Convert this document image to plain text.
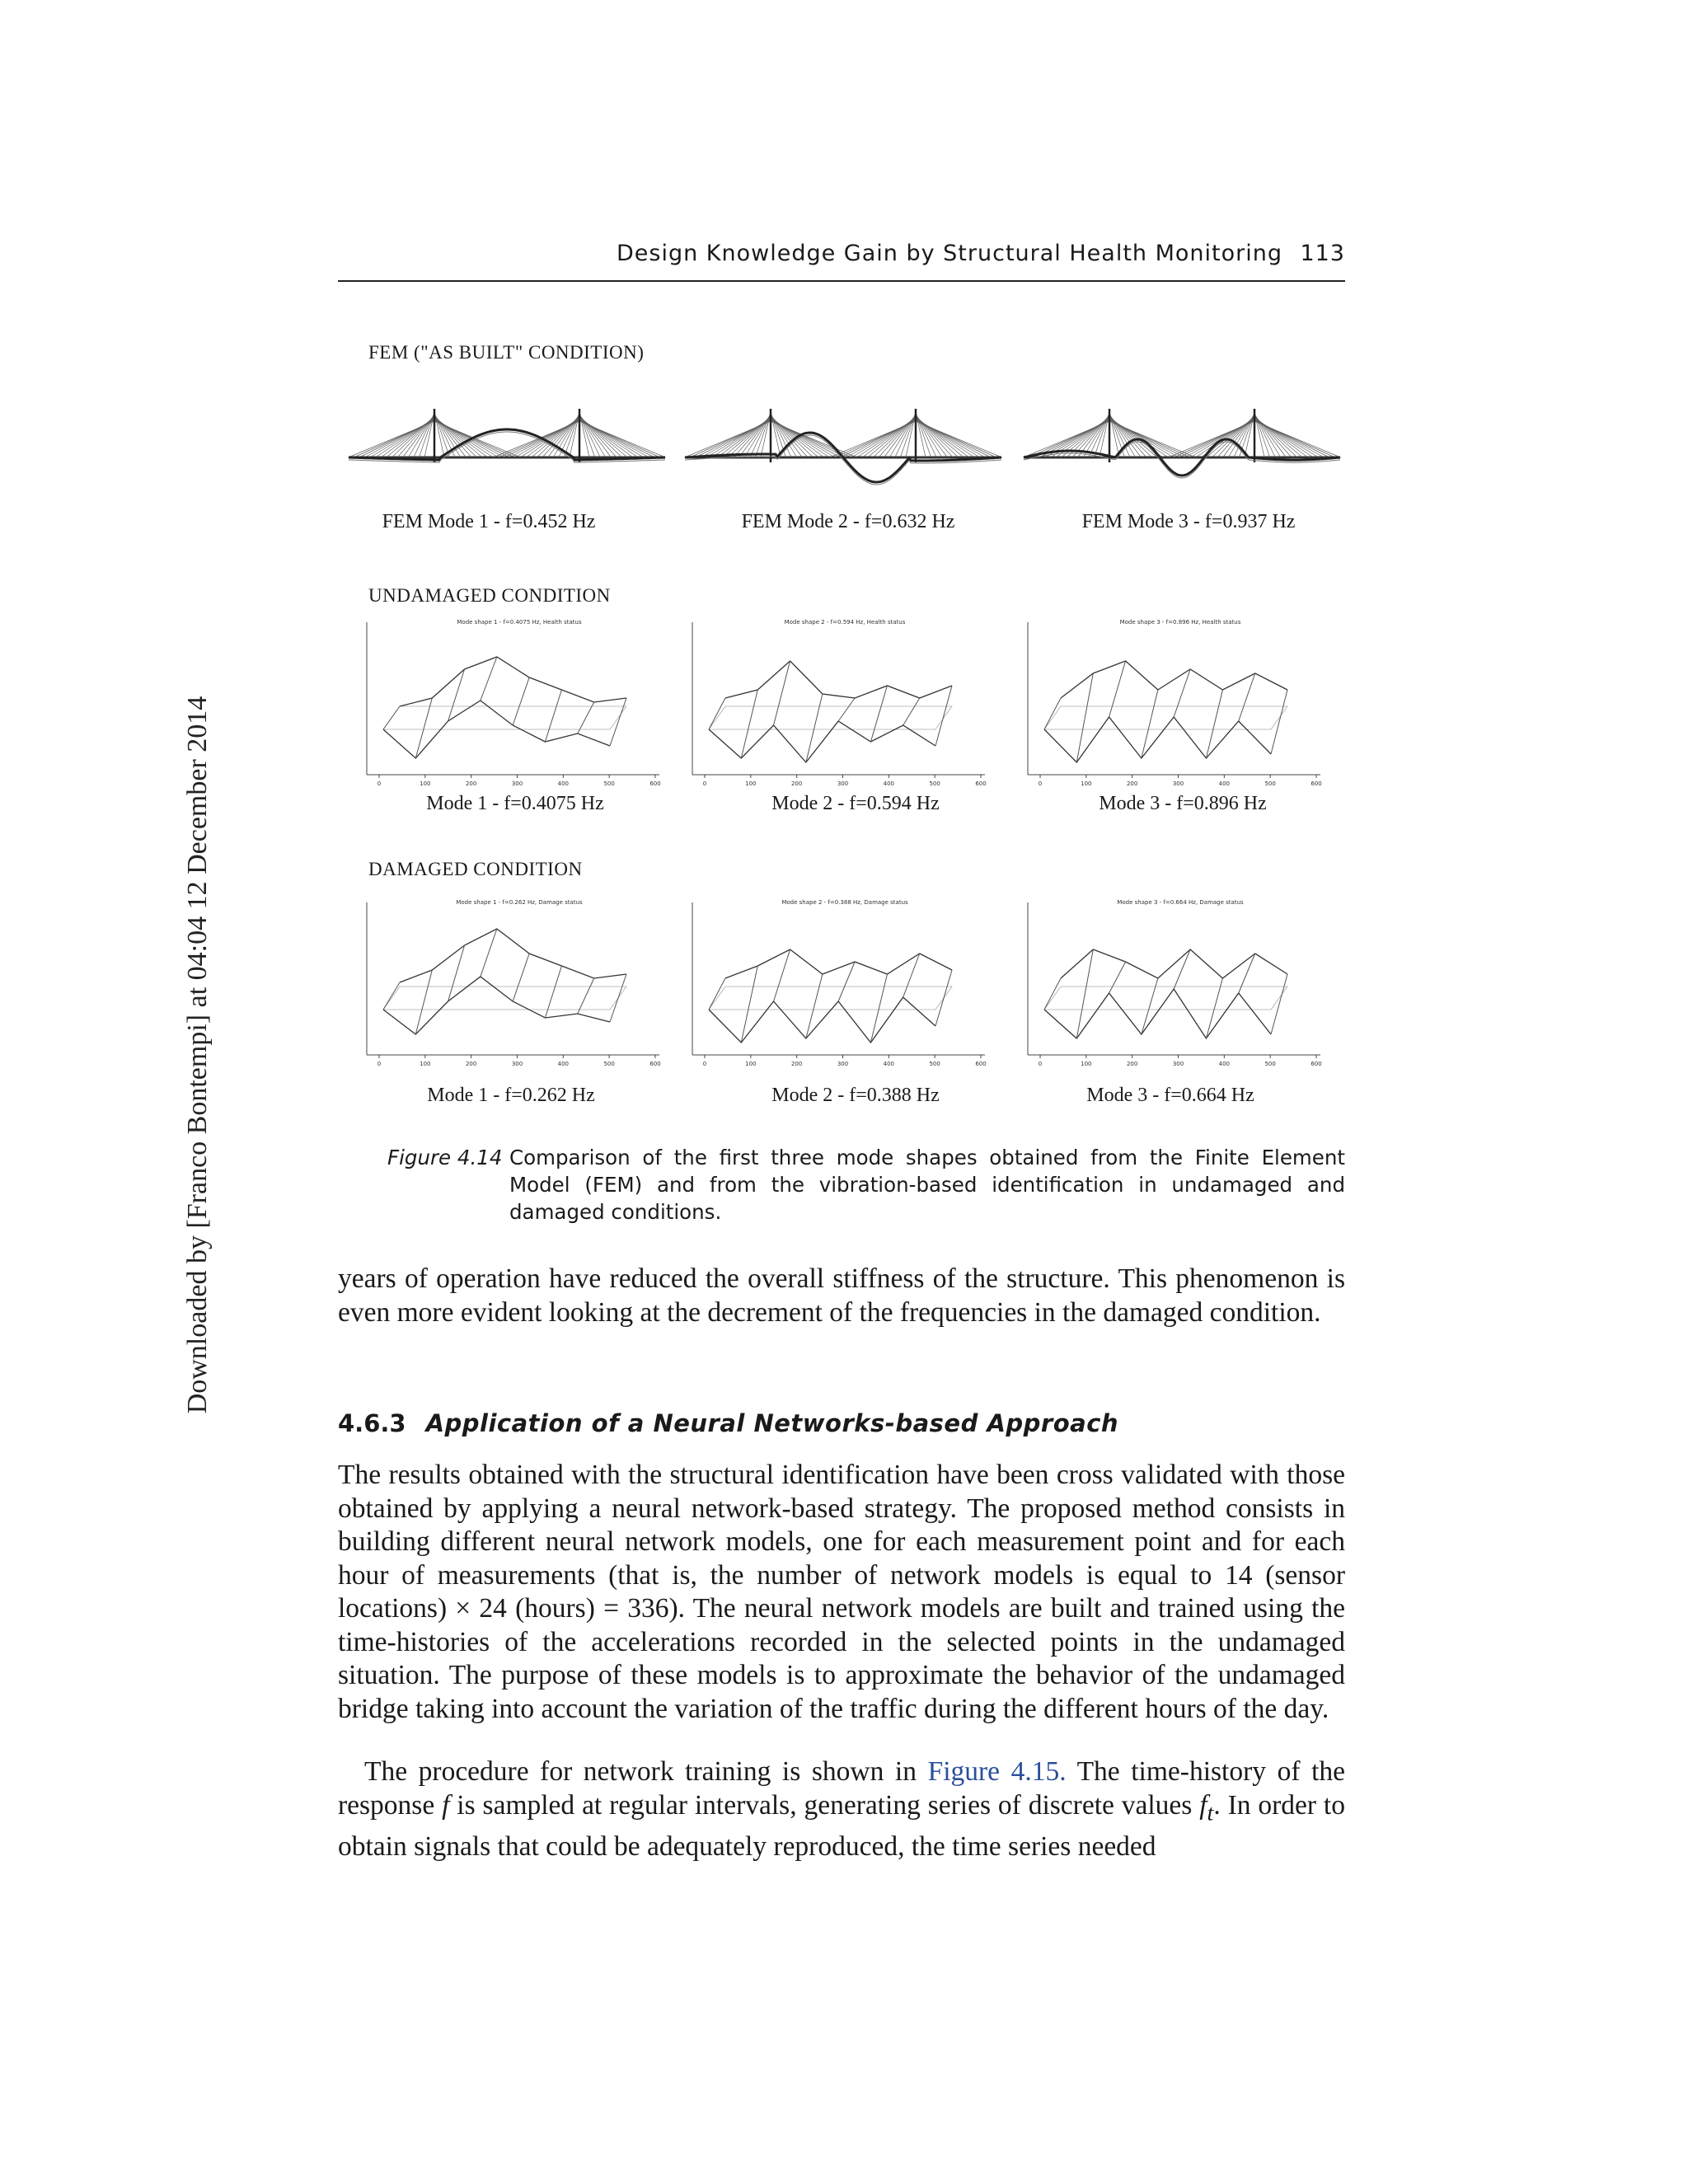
Downloaded by [Franco Bontempi] at 04:04 12 December 2014
Design Knowledge Gain by Structural Health Monitoring 113
FEM ("AS BUILT" CONDITION)
FEM Mode 1 - f=0.452 Hz	FEM Mode 2 - f=0.632 Hz	FEM Mode 3 - f=0.937 Hz
UNDAMAGED CONDITION
0	100	200	300	400	500	600
Mode shape 1 - f=0.4075 Hz, Health status
0	100	200	300	400	500	600
Mode shape 2 - f=0.594 Hz, Health status
0	100	200	300	400	500	600
Mode shape 3 - f=0.896 Hz, Health status
Mode 1 - f=0.4075 Hz	Mode 2 - f=0.594 Hz	Mode 3 - f=0.896 Hz
DAMAGED CONDITION
0	100	200	300	400	500	600
Mode shape 1 - f=0.262 Hz, Damage status
0	100	200	300	400	500	600
Mode shape 2 - f=0.388 Hz, Damage status
0	100	200	300	400	500	600
Mode shape 3 - f=0.664 Hz, Damage status
Mode 1 - f=0.262 Hz	Mode 2 - f=0.388 Hz	Mode 3 - f=0.664 Hz
Figure 4.14 Comparison of the first three mode shapes obtained from the Finite Element Model (FEM) and from the vibration-based identification in undamaged and damaged conditions.

years of operation have reduced the overall stiffness of the structure. This phenomenon is even more evident looking at the decrement of the frequencies in the damaged condition.

4.6.3 Application of a Neural Networks-based Approach

The results obtained with the structural identification have been cross validated with those obtained by applying a neural network-based strategy. The proposed method consists in building different neural network models, one for each measurement point and for each hour of measurements (that is, the number of network models is equal to 14 (sensor locations) × 24 (hours) = 336). The neural network models are built and trained using the time-histories of the accelerations recorded in the selected points in the undamaged situation. The purpose of these models is to approximate the behavior of the undamaged bridge taking into account the variation of the traffic during the different hours of the day.

The procedure for network training is shown in Figure 4.15. The time-history of the response f is sampled at regular intervals, generating series of discrete values $f_t$. In order to obtain signals that could be adequately reproduced, the time series needed
